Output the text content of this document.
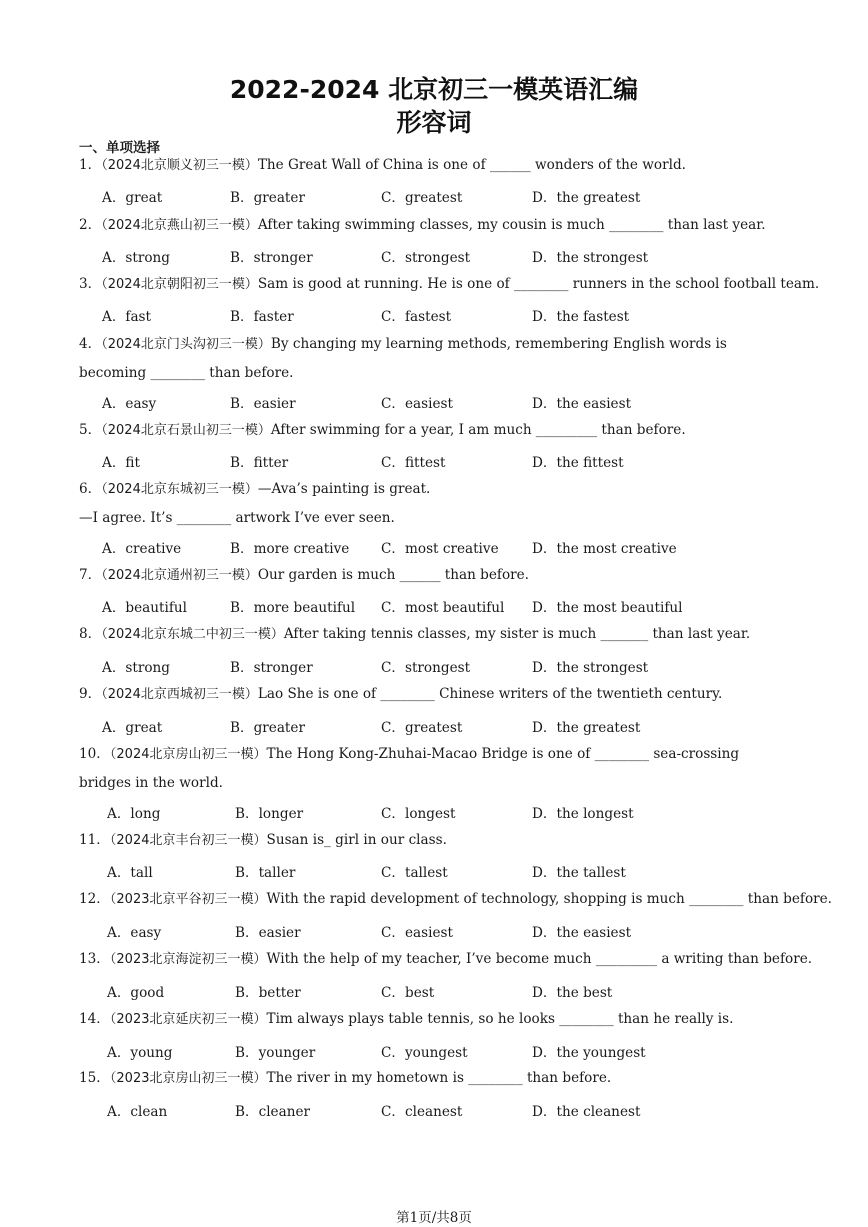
2022-2024 北京初三一模英语汇编
形容词
一、单项选择
1．（2024北京顺义初三一模）The Great Wall of China is one of ______ wonders of the world.
A．great	B．greater	C．greatest	D．the greatest
2．（2024北京燕山初三一模）After taking swimming classes, my cousin is much ________ than last year.
A．strong	B．stronger	C．strongest	D．the strongest
3．（2024北京朝阳初三一模）Sam is good at running. He is one of ________ runners in the school football team.
A．fast	B．faster	C．fastest	D．the fastest
4．（2024北京门头沟初三一模）By changing my learning methods, remembering English words is becoming ________ than before.
A．easy	B．easier	C．easiest	D．the easiest
5．（2024北京石景山初三一模）After swimming for a year, I am much _________ than before.
A．fit	B．fitter	C．fittest	D．the fittest
6．（2024北京东城初三一模）—Ava’s painting is great.
—I agree. It’s ________ artwork I’ve ever seen.
A．creative	B．more creative C．most creative D．the most creative
7．（2024北京通州初三一模）Our garden is much ______ than before.
A．beautiful	B．more beautiful C．most beautiful D．the most beautiful
8．（2024北京东城二中初三一模）After taking tennis classes, my sister is much _______ than last year.
A．strong	B．stronger	C．strongest	D．the strongest
9．（2024北京西城初三一模）Lao She is one of ________ Chinese writers of the twentieth century.
A．great	B．greater	C．greatest	D．the greatest
10．（2024北京房山初三一模）The Hong Kong-Zhuhai-Macao Bridge is one of ________ sea-crossing bridges in the world.
A．long	B．longer	C．longest	D．the longest
11．（2024北京丰台初三一模）Susan is_ girl in our class.
A．tall	B．taller	C．tallest	D．the tallest
12．（2023北京平谷初三一模）With the rapid development of technology, shopping is much ________ than before.
A．easy	B．easier	C．easiest	D．the easiest
13．（2023北京海淀初三一模）With the help of my teacher, I’ve become much _________ a writing than before.
A．good	B．better	C．best	D．the best
14．（2023北京延庆初三一模）Tim always plays table tennis, so he looks ________ than he really is.
A．young	B．younger	C．youngest	D．the youngest
15．（2023北京房山初三一模）The river in my hometown is ________ than before.
A．clean	B．cleaner	C．cleanest	D．the cleanest
第1页/共8页
